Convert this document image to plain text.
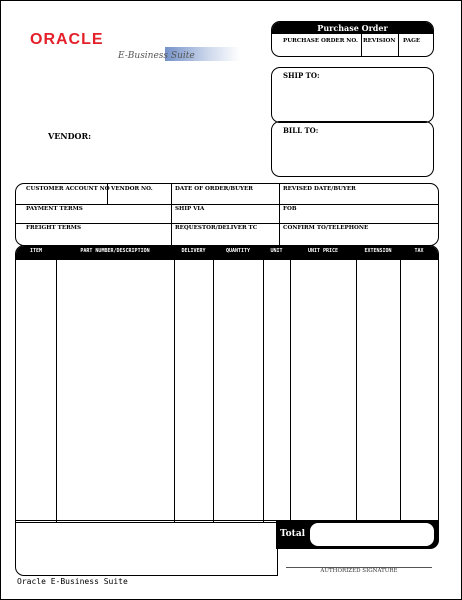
ORACLE
E-Business Suite
Purchase Order
PURCHASE ORDER NO. REVISION PAGE
SHIP TO:
BILL TO:
VENDOR:
CUSTOMER ACCOUNT NO VENDOR NO.	DATE OF ORDER/BUYER	REVISED DATE/BUYER
PAYMENT TERMS	SHIP VIA	FOB
FREIGHT TERMS	REQUESTOR/DELIVER TC	CONFIRM TO/TELEPHONE
ITEM	PART NUMBER/DESCRIPTION	DELIVERY	QUANTITY	UNIT	UNIT PRICE	EXTENSION	TAX
Total
AUTHORIZED SIGNATURE
Oracle E-Business Suite
